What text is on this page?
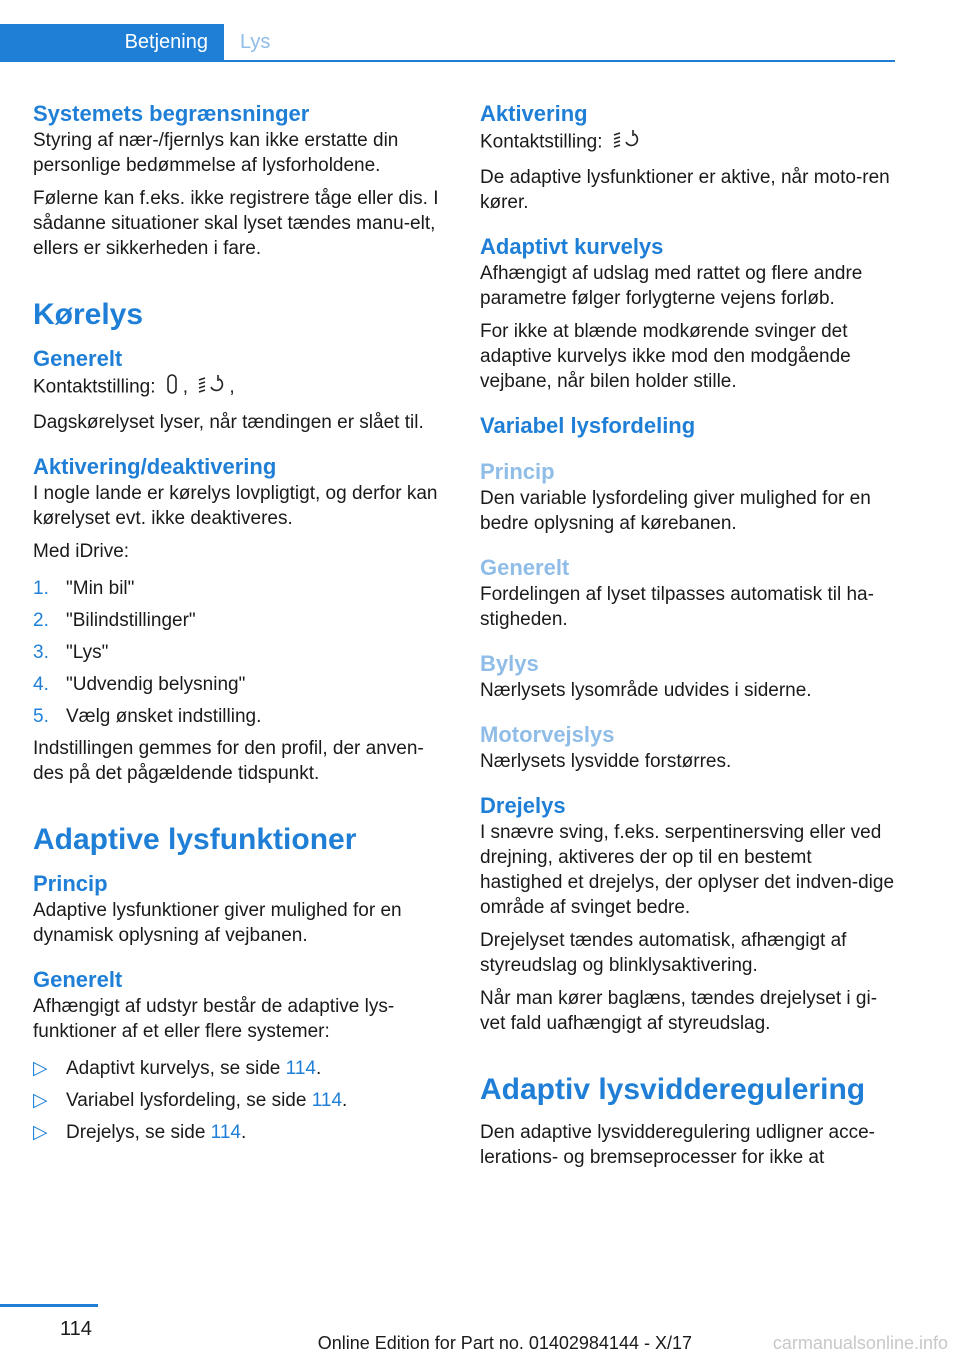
Betjening	Lys
Systemets begrænsninger

Styring af nær-/fjernlys kan ikke erstatte din personlige bedømmelse af lysforholdene.

Følerne kan f.eks. ikke registrere tåge eller dis. I sådanne situationer skal lyset tændes manu-elt, ellers er sikkerheden i fare.

Kørelys
Generelt

Kontaktstilling: , ,

Dagskørelyset lyser, når tændingen er slået til.

Aktivering/deaktivering

I nogle lande er kørelys lovpligtigt, og derfor kan kørelyset evt. ikke deaktiveres.

Med iDrive:

1. "Min bil"
2. "Bilindstillinger"
3. "Lys"
4. "Udvendig belysning"
5. Vælg ønsket indstilling.

Indstillingen gemmes for den profil, der anven-des på det pågældende tidspunkt.

Adaptive lysfunktioner
Princip

Adaptive lysfunktioner giver mulighed for en dynamisk oplysning af vejbanen.

Generelt

Afhængigt af udstyr består de adaptive lys-funktioner af et eller flere systemer:

▷ Adaptivt kurvelys, se side 114.
▷ Variabel lysfordeling, se side 114.
▷ Drejelys, se side 114.
Aktivering

Kontaktstilling:

De adaptive lysfunktioner er aktive, når moto-ren kører.

Adaptivt kurvelys

Afhængigt af udslag med rattet og flere andre parametre følger forlygterne vejens forløb.

For ikke at blænde modkørende svinger det adaptive kurvelys ikke mod den modgående vejbane, når bilen holder stille.

Variabel lysfordeling
Princip

Den variable lysfordeling giver mulighed for en bedre oplysning af kørebanen.

Generelt

Fordelingen af lyset tilpasses automatisk til ha-stigheden.

Bylys

Nærlysets lysområde udvides i siderne.

Motorvejslys

Nærlysets lysvidde forstørres.

Drejelys

I snævre sving, f.eks. serpentinersving eller ved drejning, aktiveres der op til en bestemt hastighed et drejelys, der oplyser det indven-dige område af svinget bedre.

Drejelyset tændes automatisk, afhængigt af styreudslag og blinklysaktivering.

Når man kører baglæns, tændes drejelyset i gi-vet fald uafhængigt af styreudslag.

Adaptiv lysvidderegulering

Den adaptive lysvidderegulering udligner acce-lerations- og bremseprocesser for ikke at

114
Online Edition for Part no. 01402984144 - X/17	carmanualsonline.info
